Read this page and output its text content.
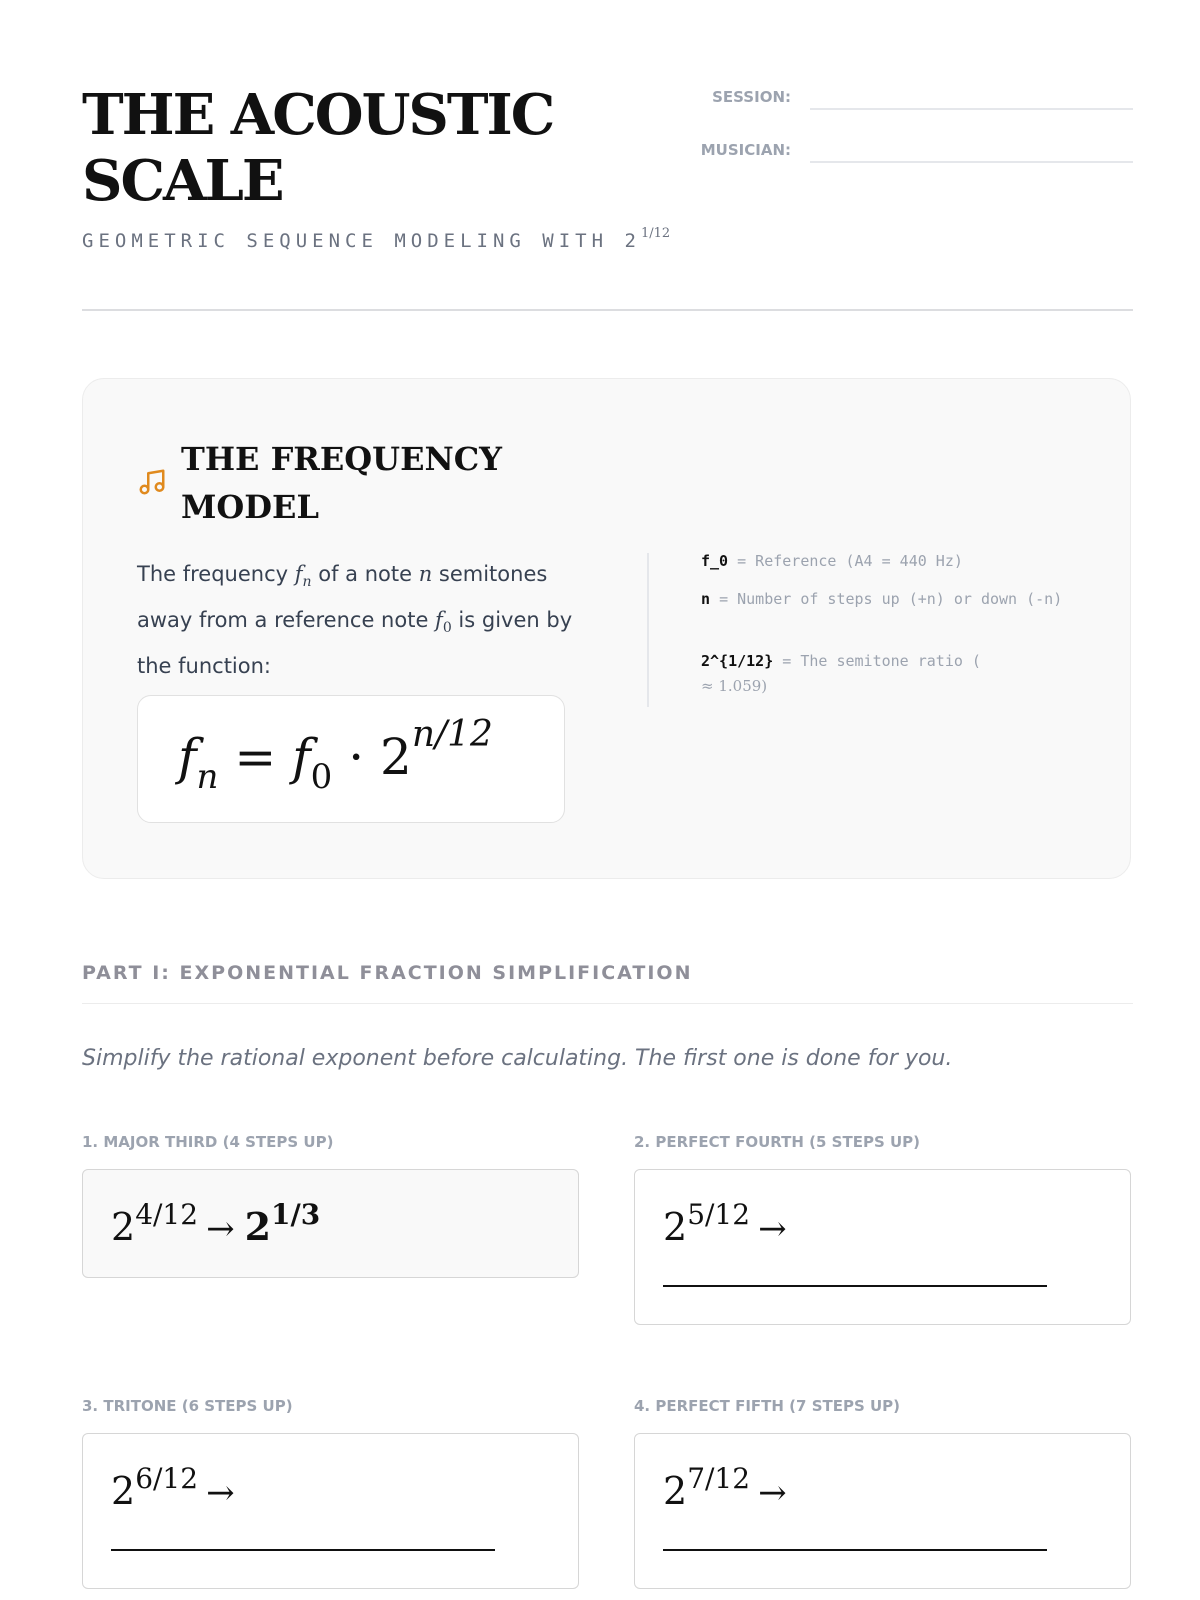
THE ACOUSTIC SCALE
GEOMETRIC SEQUENCE MODELING WITH $2^{1/12}$
SESSION:
MUSICIAN:
THE FREQUENCY MODEL

The frequency $f_n$ of a note n semitones away from a reference note $f_0$ is given by the function:

$f_n = f_0 \cdot 2^{n/12}$
f_0 = Reference (A4 = 440 Hz)
n = Number of steps up (+n) or down (-n)
2^{1/12} = The semitone ratio (
≈ 1.059)
PART I: EXPONENTIAL FRACTION SIMPLIFICATION
Simplify the rational exponent before calculating. The first one is done for you.
1. MAJOR THIRD (4 STEPS UP)
$2^{4/12} \to 2^{1/3}$
2. PERFECT FOURTH (5 STEPS UP)
$2^{5/12}$ →
3. TRITONE (6 STEPS UP)
$2^{6/12}$ →
4. PERFECT FIFTH (7 STEPS UP)
$2^{7/12}$ →
